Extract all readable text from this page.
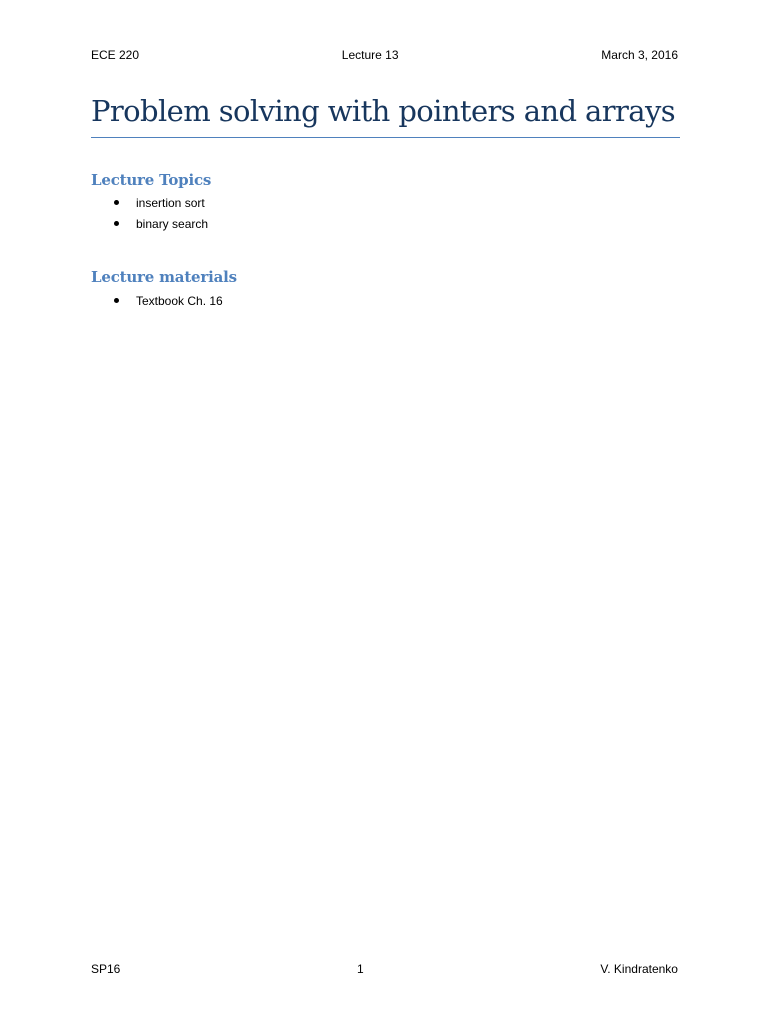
ECE 220	Lecture 13	March 3, 2016
Problem solving with pointers and arrays
Lecture Topics
insertion sort
binary search
Lecture materials
Textbook Ch. 16
SP16	1	V. Kindratenko
